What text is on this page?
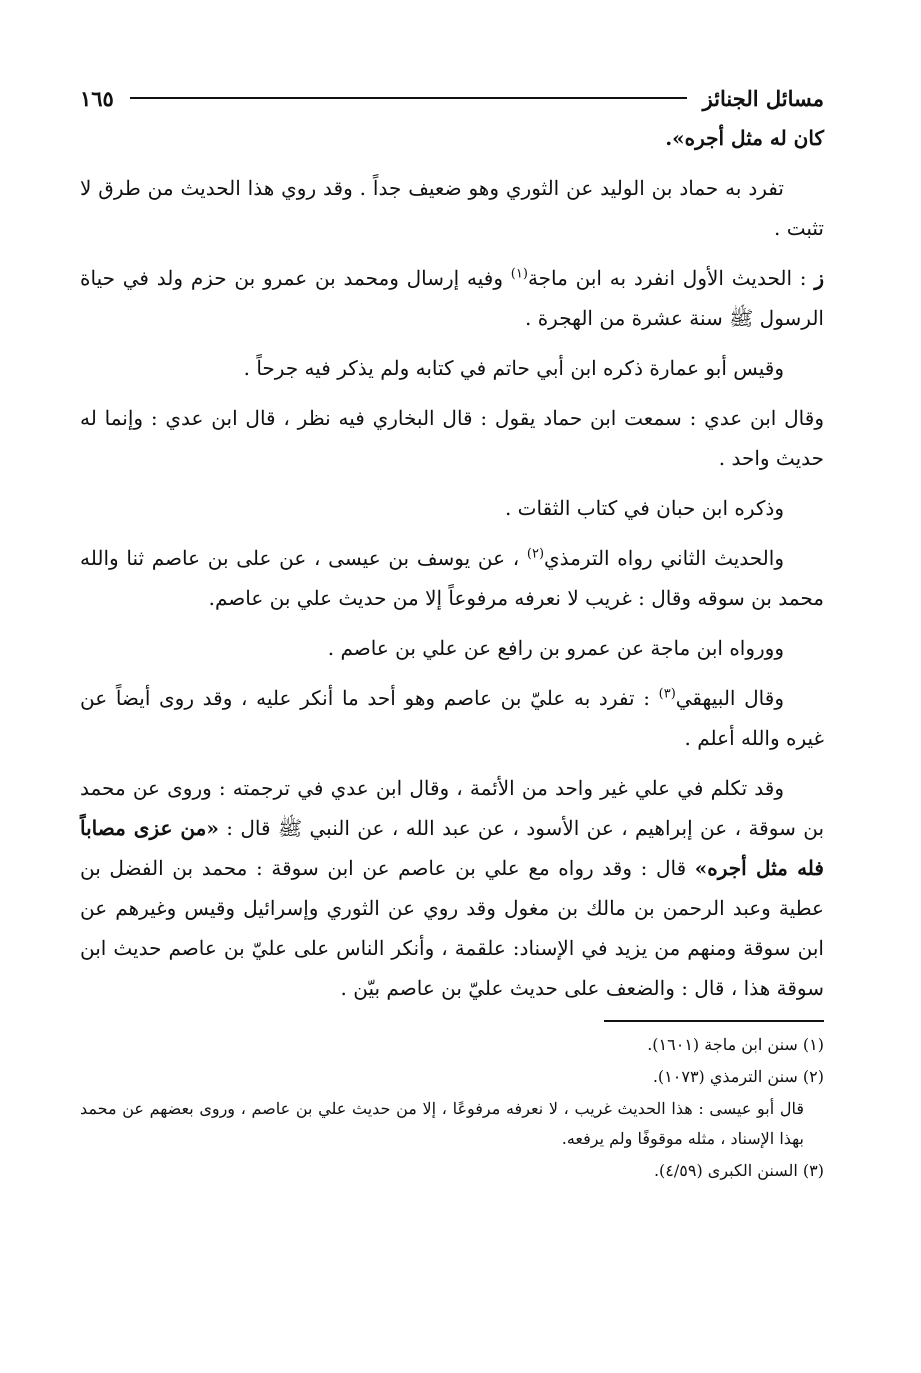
مسائل الجنائز
١٦٥

كان له مثل أجره».

تفرد به حماد بن الوليد عن الثوري وهو ضعيف جداً . وقد روي هذا الحديث من طرق لا تثبت .

ز : الحديث الأول انفرد به ابن ماجة$^{(١)}$ وفيه إرسال ومحمد بن عمرو بن حزم ولد في حياة الرسول ﷺ سنة عشرة من الهجرة .

وقيس أبو عمارة ذكره ابن أبي حاتم في كتابه ولم يذكر فيه جرحاً .

وقال ابن عدي : سمعت ابن حماد يقول : قال البخاري فيه نظر ، قال ابن عدي : وإنما له حديث واحد .

وذكره ابن حبان في كتاب الثقات .

والحديث الثاني رواه الترمذي$^{(٢)}$ ، عن يوسف بن عيسى ، عن على بن عاصم ثنا والله محمد بن سوقه وقال : غريب لا نعرفه مرفوعاً إلا من حديث علي بن عاصم.

وورواه ابن ماجة عن عمرو بن رافع عن علي بن عاصم .

وقال البيهقي$^{(٣)}$ : تفرد به عليّ بن عاصم وهو أحد ما أنكر عليه ، وقد روى أيضاً عن غيره والله أعلم .

وقد تكلم في علي غير واحد من الأئمة ، وقال ابن عدي في ترجمته : وروى عن محمد بن سوقة ، عن إبراهيم ، عن الأسود ، عن عبد الله ، عن النبي ﷺ قال : «من عزى مصاباً فله مثل أجره» قال : وقد رواه مع علي بن عاصم عن ابن سوقة : محمد بن الفضل بن عطية وعبد الرحمن بن مالك بن مغول وقد روي عن الثوري وإسرائيل وقيس وغيرهم عن ابن سوقة ومنهم من يزيد في الإسناد: علقمة ، وأنكر الناس على عليّ بن عاصم حديث ابن سوقة هذا ، قال : والضعف على حديث عليّ بن عاصم بيّن .

(١) سنن ابن ماجة (١٦٠١).

(٢) سنن الترمذي (١٠٧٣).

قال أبو عيسى : هذا الحديث غريب ، لا نعرفه مرفوعًا ، إلا من حديث علي بن عاصم ، وروى بعضهم عن محمد بهذا الإسناد ، مثله موقوفًا ولم يرفعه.

(٣) السنن الكبرى (٤/٥٩).
